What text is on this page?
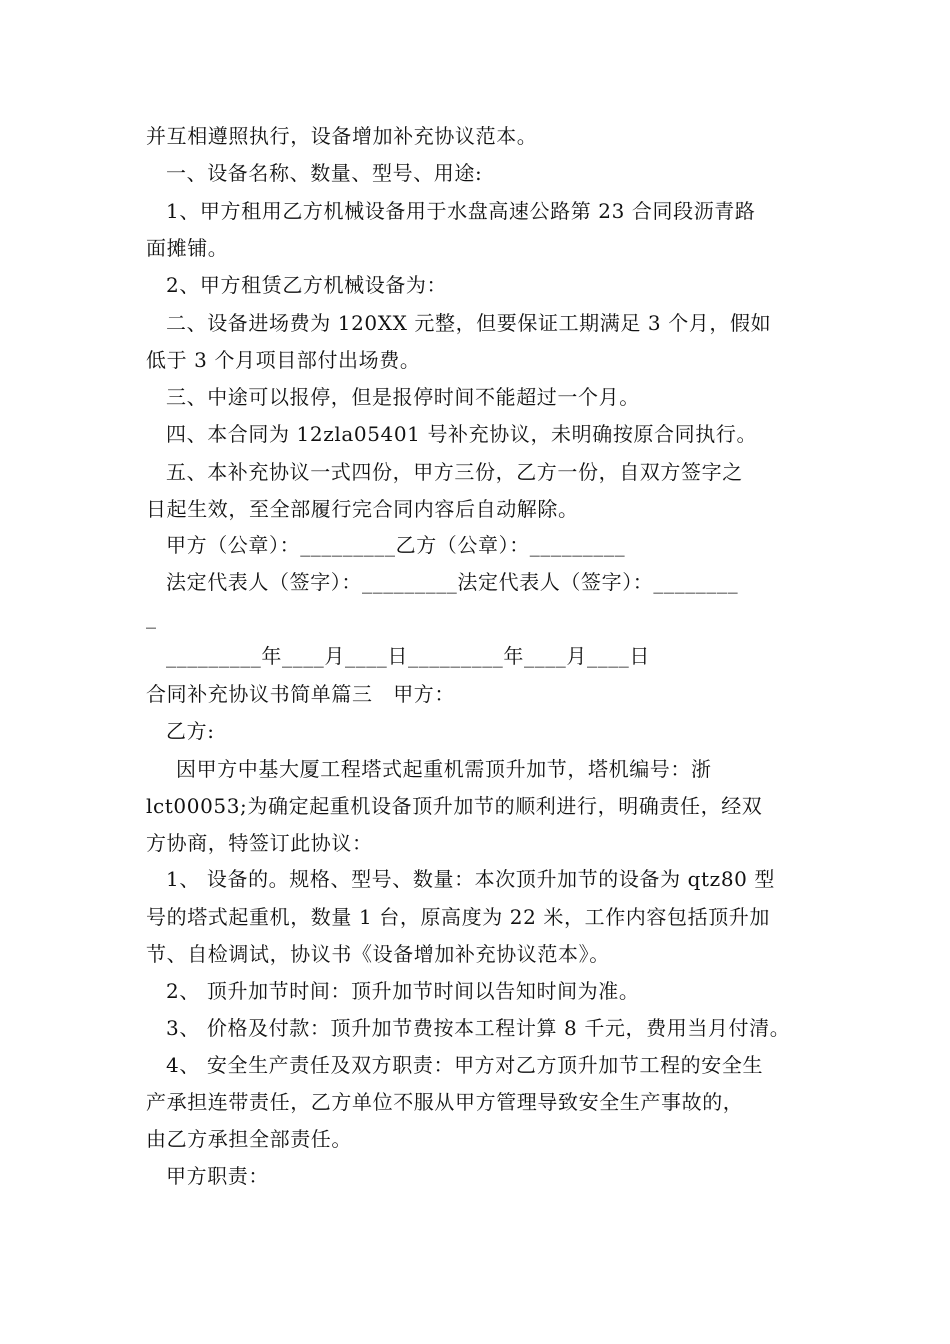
并互相遵照执行，设备增加补充协议范本。
一、设备名称、数量、型号、用途:
1、甲方租用乙方机械设备用于水盘高速公路第 23 合同段沥青路
面摊铺。
2、甲方租赁乙方机械设备为：
二、设备进场费为 120XX 元整，但要保证工期满足 3 个月，假如
低于 3 个月项目部付出场费。
三、中途可以报停，但是报停时间不能超过一个月。
四、本合同为 12zla05401 号补充协议，未明确按原合同执行。
五、本补充协议一式四份，甲方三份，乙方一份，自双方签字之
日起生效，至全部履行完合同内容后自动解除。
甲方（公章）：_________乙方（公章）：_________
法定代表人（签字）：_________法定代表人（签字）：________
_
_________年____月____日_________年____月____日
合同补充协议书简单篇三　甲方：
乙方:
因甲方中基大厦工程塔式起重机需顶升加节，塔机编号：浙
lct00053;为确定起重机设备顶升加节的顺利进行，明确责任，经双
方协商，特签订此协议：
1、 设备的。规格、型号、数量：本次顶升加节的设备为 qtz80 型
号的塔式起重机，数量 1 台，原高度为 22 米，工作内容包括顶升加
节、自检调试，协议书《设备增加补充协议范本》。
2、 顶升加节时间：顶升加节时间以告知时间为准。
3、 价格及付款：顶升加节费按本工程计算 8 千元，费用当月付清。
4、 安全生产责任及双方职责：甲方对乙方顶升加节工程的安全生
产承担连带责任，乙方单位不服从甲方管理导致安全生产事故的，
由乙方承担全部责任。
甲方职责：
